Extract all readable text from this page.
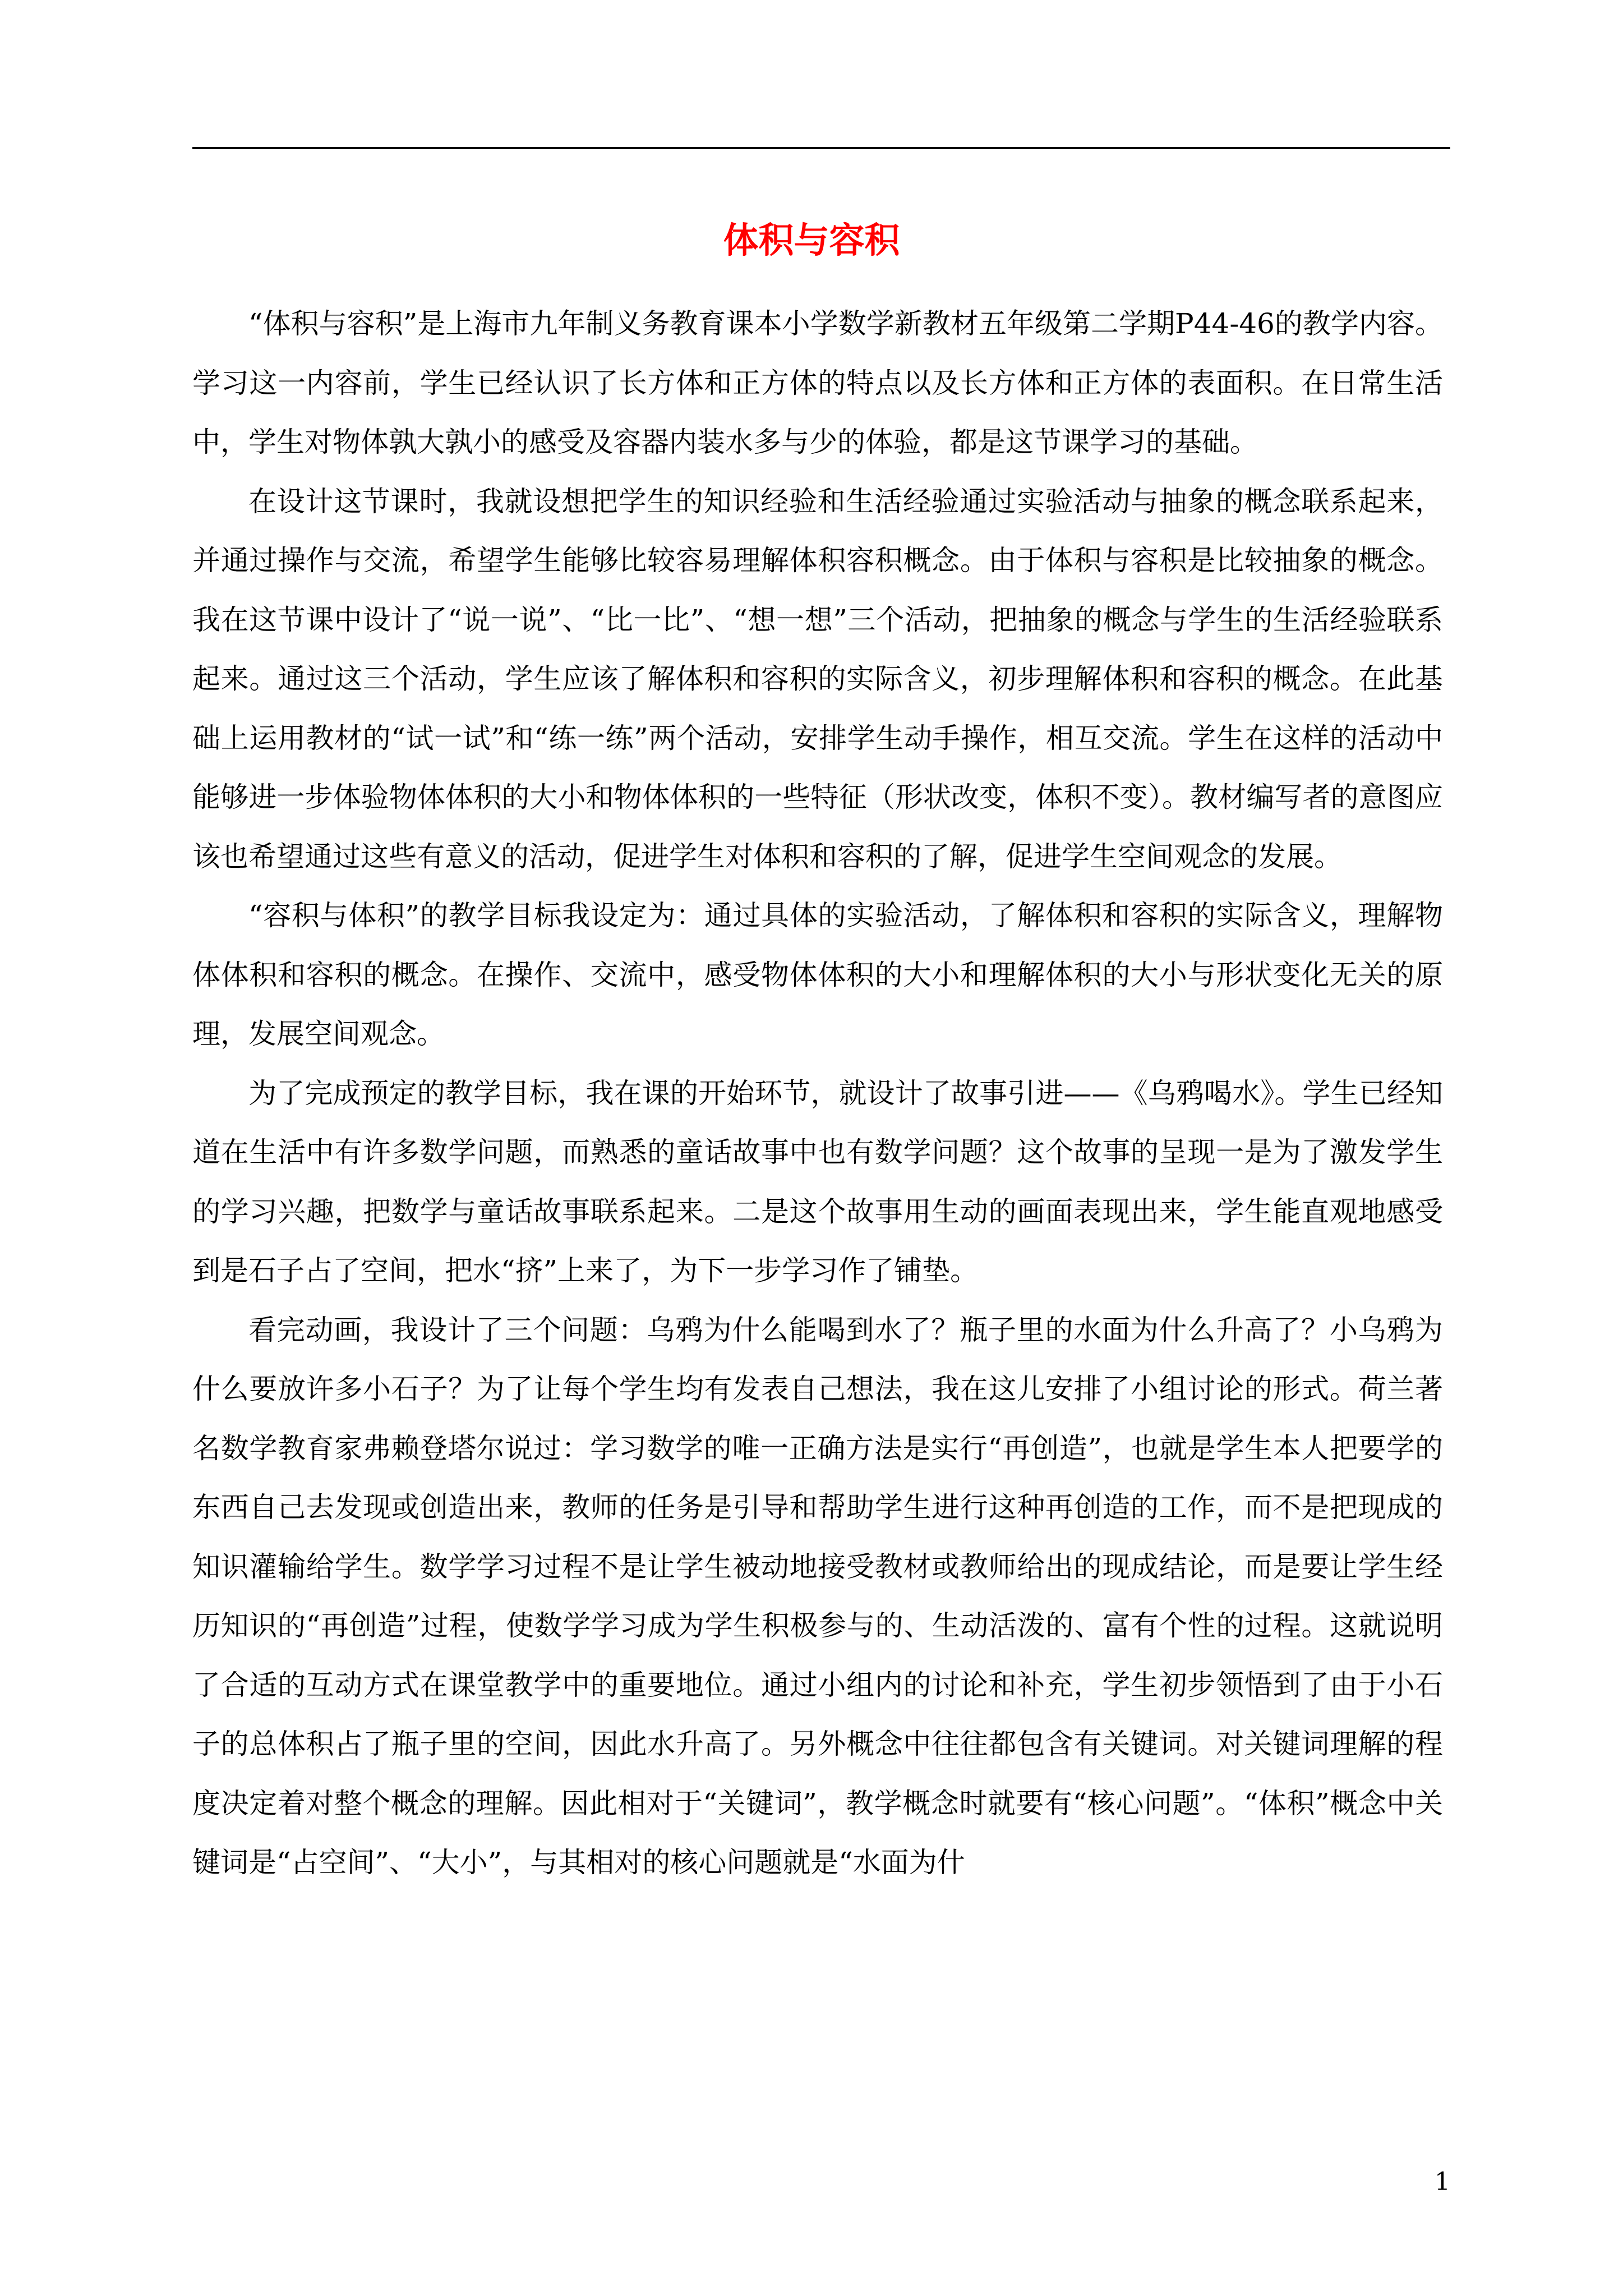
体积与容积

“体积与容积”是上海市九年制义务教育课本小学数学新教材五年级第二学期P44-46的教学内容。学习这一内容前，学生已经认识了长方体和正方体的特点以及长方体和正方体的表面积。在日常生活中，学生对物体孰大孰小的感受及容器内装水多与少的体验，都是这节课学习的基础。

在设计这节课时，我就设想把学生的知识经验和生活经验通过实验活动与抽象的概念联系起来，并通过操作与交流，希望学生能够比较容易理解体积容积概念。由于体积与容积是比较抽象的概念。我在这节课中设计了“说一说”、“比一比”、“想一想”三个活动，把抽象的概念与学生的生活经验联系起来。通过这三个活动，学生应该了解体积和容积的实际含义，初步理解体积和容积的概念。在此基础上运用教材的“试一试”和“练一练”两个活动，安排学生动手操作，相互交流。学生在这样的活动中能够进一步体验物体体积的大小和物体体积的一些特征（形状改变，体积不变）。教材编写者的意图应该也希望通过这些有意义的活动，促进学生对体积和容积的了解，促进学生空间观念的发展。

“容积与体积”的教学目标我设定为：通过具体的实验活动，了解体积和容积的实际含义，理解物体体积和容积的概念。在操作、交流中，感受物体体积的大小和理解体积的大小与形状变化无关的原理，发展空间观念。

为了完成预定的教学目标，我在课的开始环节，就设计了故事引进——《乌鸦喝水》。学生已经知道在生活中有许多数学问题，而熟悉的童话故事中也有数学问题？这个故事的呈现一是为了激发学生的学习兴趣，把数学与童话故事联系起来。二是这个故事用生动的画面表现出来，学生能直观地感受到是石子占了空间，把水“挤”上来了，为下一步学习作了铺垫。

看完动画，我设计了三个问题：乌鸦为什么能喝到水了？瓶子里的水面为什么升高了？小乌鸦为什么要放许多小石子？为了让每个学生均有发表自己想法，我在这儿安排了小组讨论的形式。荷兰著名数学教育家弗赖登塔尔说过：学习数学的唯一正确方法是实行“再创造”，也就是学生本人把要学的东西自己去发现或创造出来，教师的任务是引导和帮助学生进行这种再创造的工作，而不是把现成的知识灌输给学生。数学学习过程不是让学生被动地接受教材或教师给出的现成结论，而是要让学生经历知识的“再创造”过程，使数学学习成为学生积极参与的、生动活泼的、富有个性的过程。这就说明了合适的互动方式在课堂教学中的重要地位。通过小组内的讨论和补充，学生初步领悟到了由于小石子的总体积占了瓶子里的空间，因此水升高了。另外概念中往往都包含有关键词。对关键词理解的程度决定着对整个概念的理解。因此相对于“关键词”，教学概念时就要有“核心问题”。“体积”概念中关键词是“占空间”、“大小”，与其相对的核心问题就是“水面为什

1
